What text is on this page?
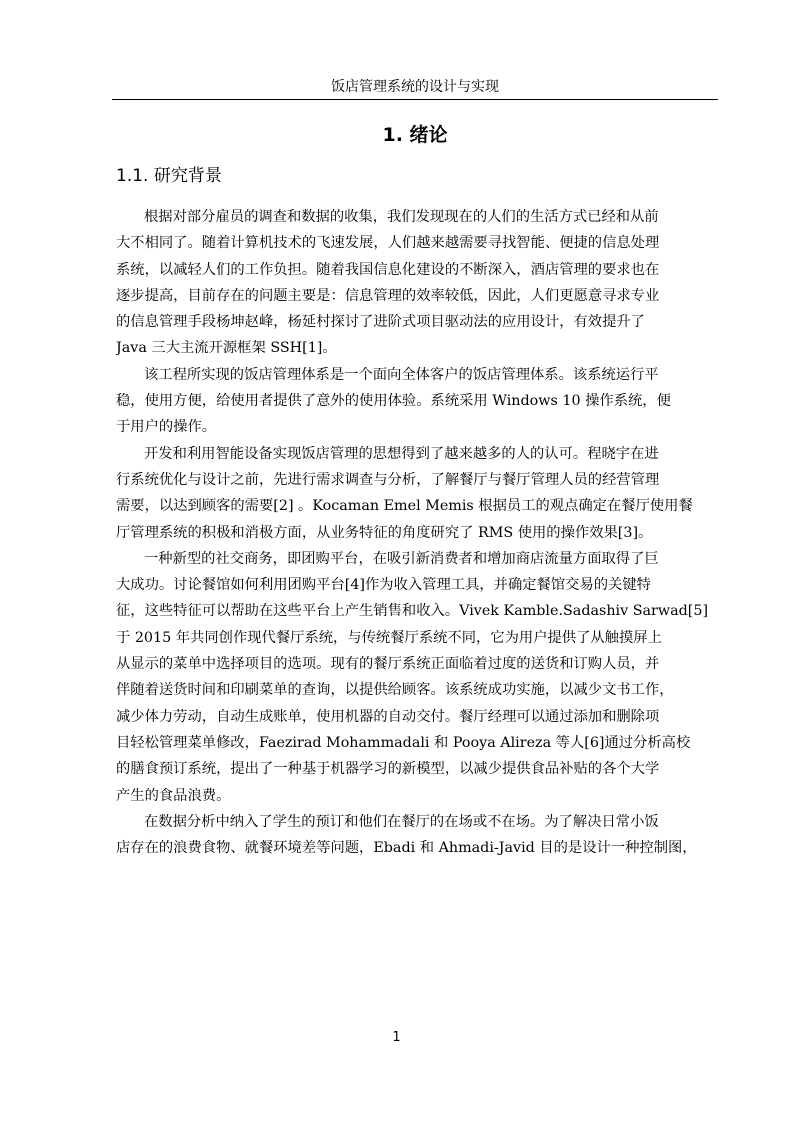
饭店管理系统的设计与实现
1. 绪论
1.1. 研究背景
根据对部分雇员的调查和数据的收集，我们发现现在的人们的生活方式已经和从前
大不相同了。随着计算机技术的飞速发展，人们越来越需要寻找智能、便捷的信息处理
系统，以减轻人们的工作负担。随着我国信息化建设的不断深入，酒店管理的要求也在
逐步提高，目前存在的问题主要是：信息管理的效率较低，因此，人们更愿意寻求专业
的信息管理手段杨坤赵峰，杨延村探讨了进阶式项目驱动法的应用设计，有效提升了
Java 三大主流开源框架 SSH[1]。
该工程所实现的饭店管理体系是一个面向全体客户的饭店管理体系。该系统运行平
稳，使用方便，给使用者提供了意外的使用体验。系统采用 Windows 10 操作系统，便
于用户的操作。
开发和利用智能设备实现饭店管理的思想得到了越来越多的人的认可。程晓宇在进
行系统优化与设计之前，先进行需求调查与分析，了解餐厅与餐厅管理人员的经营管理
需要，以达到顾客的需要[2] 。Kocaman Emel Memis 根据员工的观点确定在餐厅使用餐
厅管理系统的积极和消极方面，从业务特征的角度研究了 RMS 使用的操作效果[3]。
一种新型的社交商务，即团购平台，在吸引新消费者和增加商店流量方面取得了巨
大成功。讨论餐馆如何利用团购平台[4]作为收入管理工具，并确定餐馆交易的关键特
征，这些特征可以帮助在这些平台上产生销售和收入。Vivek Kamble.Sadashiv Sarwad[5]
于 2015 年共同创作现代餐厅系统，与传统餐厅系统不同，它为用户提供了从触摸屏上
从显示的菜单中选择项目的选项。现有的餐厅系统正面临着过度的送货和订购人员，并
伴随着送货时间和印刷菜单的查询，以提供给顾客。该系统成功实施，以减少文书工作，
减少体力劳动，自动生成账单，使用机器的自动交付。餐厅经理可以通过添加和删除项
目轻松管理菜单修改，Faezirad Mohammadali 和 Pooya Alireza 等人[6]通过分析高校
的膳食预订系统，提出了一种基于机器学习的新模型，以减少提供食品补贴的各个大学
产生的食品浪费。
在数据分析中纳入了学生的预订和他们在餐厅的在场或不在场。为了解决日常小饭
店存在的浪费食物、就餐环境差等问题，Ebadi 和 Ahmadi-Javid 目的是设计一种控制图，
1
